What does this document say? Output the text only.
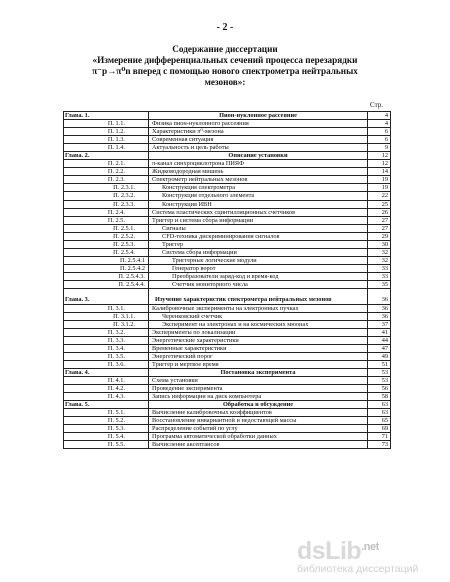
- 2 -
Содержание диссертации
«Измерение дифференциальных сечений процесса перезарядки
π⁻p→π⁰n вперед с помощью нового спектрометра нейтральных
мезонов»:
Стр.
Глава. 1.	Пион-нуклонное рассеяние	4
П. 1.1.	Физика пион-нуклонного рассеяния	4
П. 1.2.	Характеристики π⁰-мезона	6
П. 1.3.	Современная ситуация	6
П. 1.4.	Актуальность и цель работы	9
Глава. 2.	Описание установки	12
П. 2.1.	π-канал синхроциклотрона ПИЯФ	12
П. 2.2.	Жидководородная мишень	14
П. 2.3.	Спектрометр нейтральных мезонов	19
П. 2.3.1.	Конструкция спектрометра	19
П. 2.3.2.	Конструкция отдельного элемента	22
П. 2.3.3.	Конструкция ИВН	25
П. 2.4.	Система пластических сцинтилляционных счетчиков	26
П. 2.5.	Триггер и система сбора информации	27
П. 2.5.1.	Сигналы	27
П. 2.5.2.	CFD-техника дискриминирования сигналов	29
П. 2.5.3.	Триггер	30
П. 2.5.4.	Система сбора информации	32
П. 2.5.4.1	Триггерные логические модули	32
П. 2.5.4.2	Генератор ворот	33
П. 2.5.4.3.	Преобразователи заряд-код и время-код	33
П. 2.5.4.4.	Счетчик мониторного числа	35
Глава. 3.	Изучение характеристик спектрометра нейтральных мезонов	36
П. 3.1.	Калибровочные эксперименты на электронных пучках	36
П. 3.1.1.	Черенковский счетчик	36
П. 3.1.2.	Эксперимент на электронах и на космических мюонах	37
П. 3.2.	Эксперименты по локализации	41
П. 3.3.	Энергетические характеристики	44
П. 3.4.	Временные характеристики	47
П. 3.5.	Энергетический порог	49
П. 3.6.	Триггер и мертвое время	51
Глава. 4.	Постановка эксперимента	53
П. 4.1.	Схема установки	53
П. 4.2.	Проведение эксперимента	56
П. 4.3.	Запись информации на диск компьютера	58
Глава. 5.	Обработка и обсуждение	63
П. 5.1.	Вычисление калибровочных коэффициентов	63
П. 5.2.	Восстановление инвариантной и недостающей массы	65
П. 5.3.	Распределение событий по углу	69
П. 5.4.	Программа автоматической обработки данных	71
П. 5.5.	Вычисление аксептансов	73
dsLib$^{.net}$
библиотека диссертаций
